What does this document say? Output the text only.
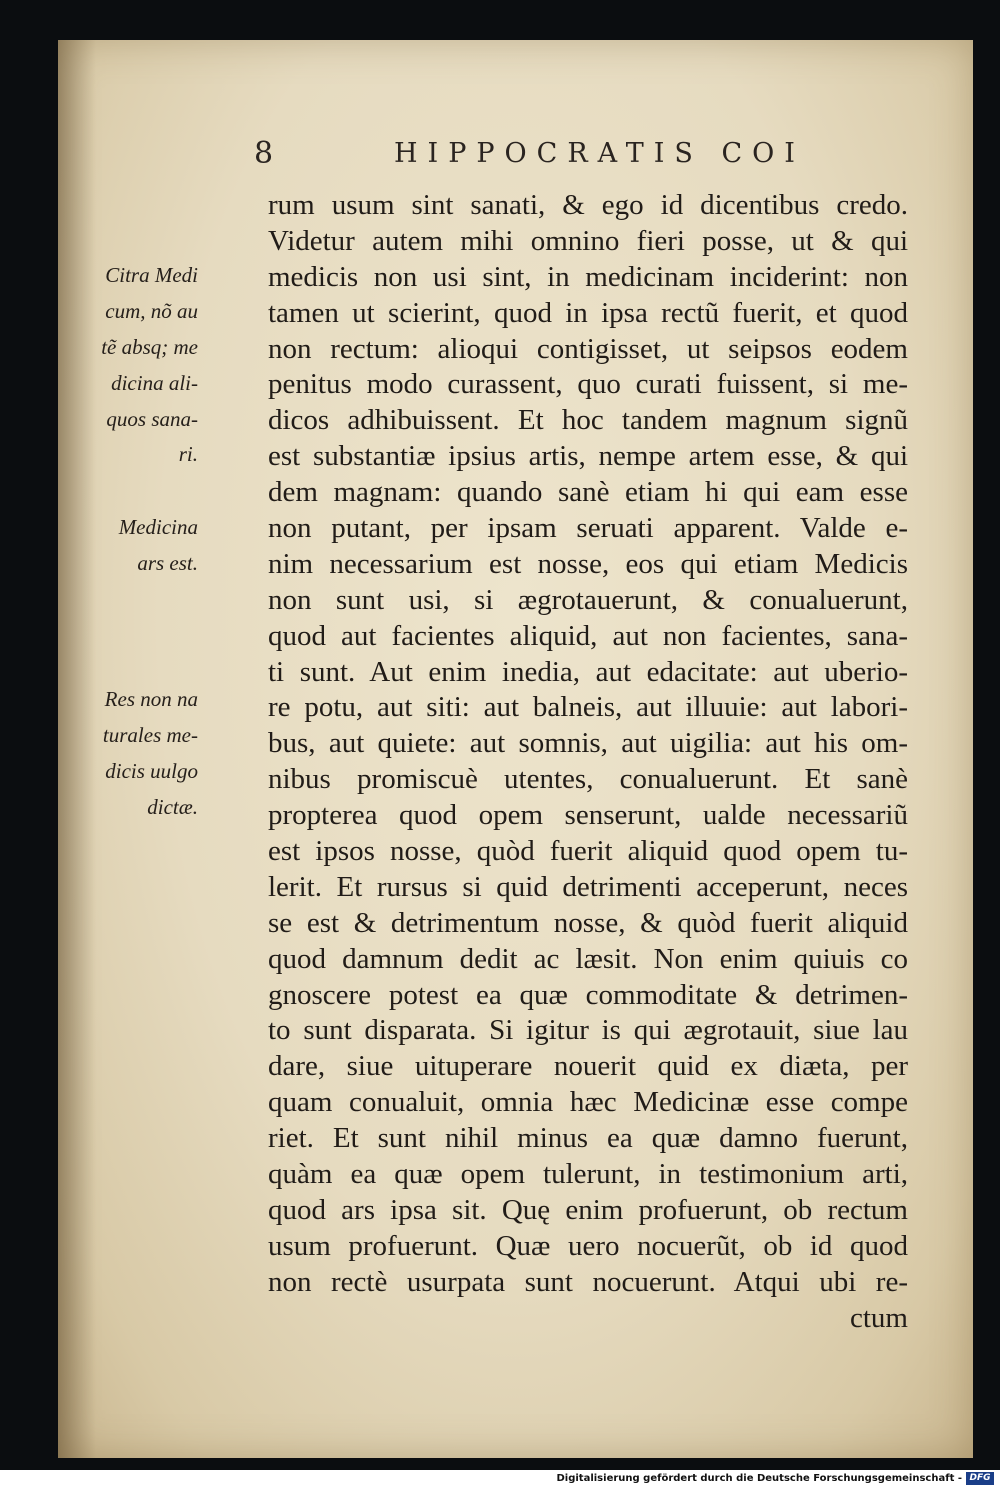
8	HIPPOCRATIS COI
Citra Medi
cum, nõ au
tẽ absq; me
dicina ali-
quos sana-
ri.
Medicina
ars est.
Res non na
turales me-
dicis uulgo
dictæ.
rum usum sint sanati, & ego id dicentibus credo.
Videtur autem mihi omnino fieri posse, ut & qui
medicis non usi sint, in medicinam inciderint: non
tamen ut scierint, quod in ipsa rectũ fuerit, et quod
non rectum: alioqui contigisset, ut seipsos eodem
penitus modo curassent, quo curati fuissent, si me-
dicos adhibuissent. Et hoc tandem magnum signũ
est substantiæ ipsius artis, nempe artem esse, & qui
dem magnam: quando sanè etiam hi qui eam esse
non putant, per ipsam seruati apparent. Valde e-
nim necessarium est nosse, eos qui etiam Medicis
non sunt usi, si ægrotauerunt, & conualuerunt,
quod aut facientes aliquid, aut non facientes, sana-
ti sunt. Aut enim inedia, aut edacitate: aut uberio-
re potu, aut siti: aut balneis, aut illuuie: aut labori-
bus, aut quiete: aut somnis, aut uigilia: aut his om-
nibus promiscuè utentes, conualuerunt. Et sanè
propterea quod opem senserunt, ualde necessariũ
est ipsos nosse, quòd fuerit aliquid quod opem tu-
lerit. Et rursus si quid detrimenti acceperunt, neces
se est & detrimentum nosse, & quòd fuerit aliquid
quod damnum dedit ac læsit. Non enim quiuis co
gnoscere potest ea quæ commoditate & detrimen-
to sunt disparata. Si igitur is qui ægrotauit, siue lau
dare, siue uituperare nouerit quid ex diæta, per
quam conualuit, omnia hæc Medicinæ esse compe
riet. Et sunt nihil minus ea quæ damno fuerunt,
quàm ea quæ opem tulerunt, in testimonium arti,
quod ars ipsa sit. Quę enim profuerunt, ob rectum
usum profuerunt. Quæ uero nocuerũt, ob id quod
non rectè usurpata sunt nocuerunt. Atqui ubi re-
ctum
Digitalisierung gefördert durch die Deutsche Forschungsgemeinschaft - DFG
